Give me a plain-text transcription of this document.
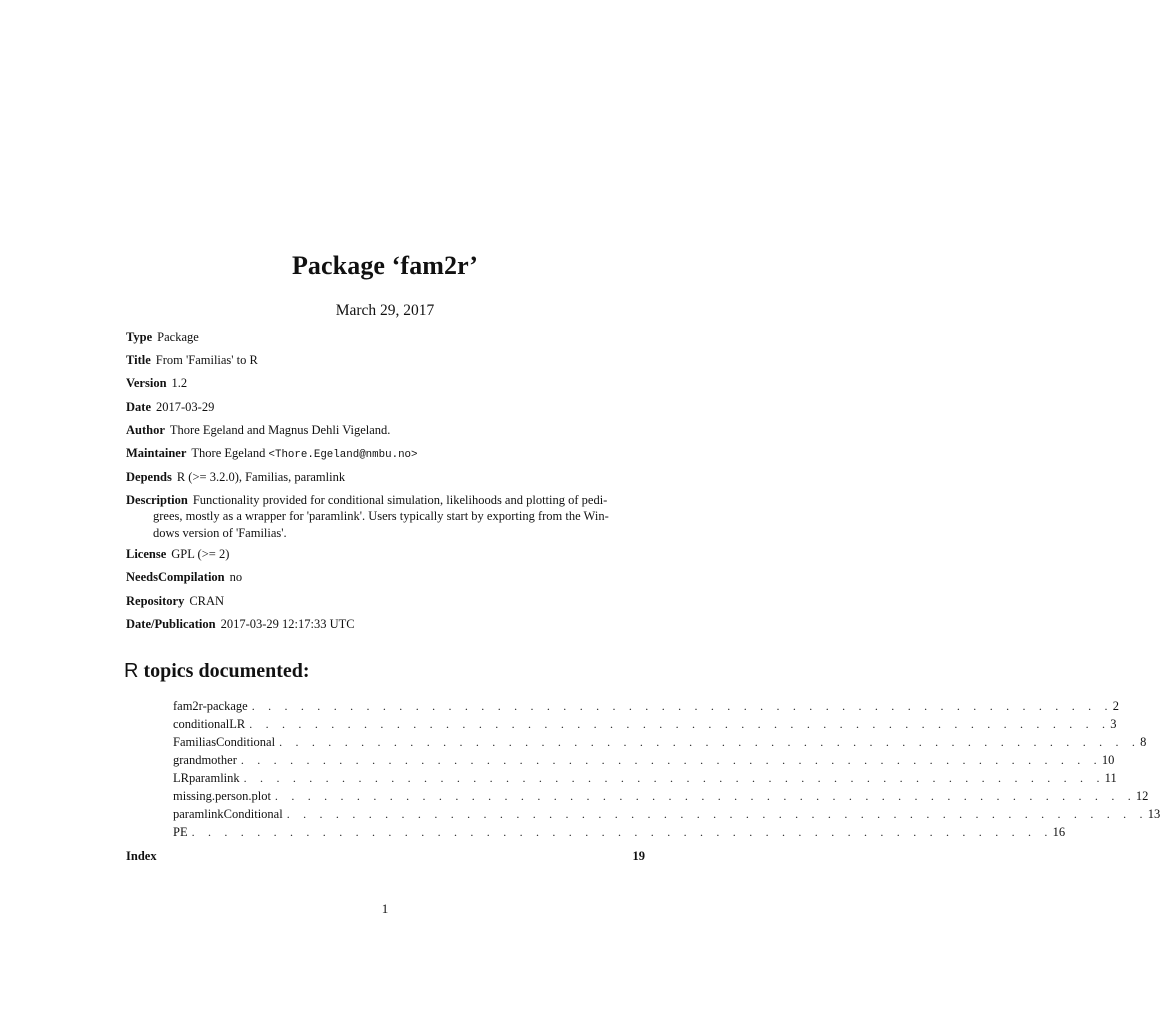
Package ‘fam2r’
March 29, 2017
Type Package
Title From 'Familias' to R
Version 1.2
Date 2017-03-29
Author Thore Egeland and Magnus Dehli Vigeland.
Maintainer Thore Egeland <Thore.Egeland@nmbu.no>
Depends R (>= 3.2.0), Familias, paramlink
Description Functionality provided for conditional simulation, likelihoods and plotting of pedi-
grees, mostly as a wrapper for 'paramlink'. Users typically start by exporting from the Win-
dows version of 'Familias'.
License GPL (>= 2)
NeedsCompilation no
Repository CRAN
Date/Publication 2017-03-29 12:17:33 UTC
R topics documented:
fam2r-package . . . . . . . . . . . . . . . . . . . . . . . . . . . . . . . . . . . . . . . . . . . . . . . . . . . . . 2
conditionalLR . . . . . . . . . . . . . . . . . . . . . . . . . . . . . . . . . . . . . . . . . . . . . . . . . . . . . 3
FamiliasConditional . . . . . . . . . . . . . . . . . . . . . . . . . . . . . . . . . . . . . . . . . . . . . . . . . . . . . 8
grandmother . . . . . . . . . . . . . . . . . . . . . . . . . . . . . . . . . . . . . . . . . . . . . . . . . . . . . 10
LRparamlink . . . . . . . . . . . . . . . . . . . . . . . . . . . . . . . . . . . . . . . . . . . . . . . . . . . . . 11
missing.person.plot . . . . . . . . . . . . . . . . . . . . . . . . . . . . . . . . . . . . . . . . . . . . . . . . . . . . . 12
paramlinkConditional . . . . . . . . . . . . . . . . . . . . . . . . . . . . . . . . . . . . . . . . . . . . . . . . . . . . . 13
PE . . . . . . . . . . . . . . . . . . . . . . . . . . . . . . . . . . . . . . . . . . . . . . . . . . . . . 16
Index	19
1
